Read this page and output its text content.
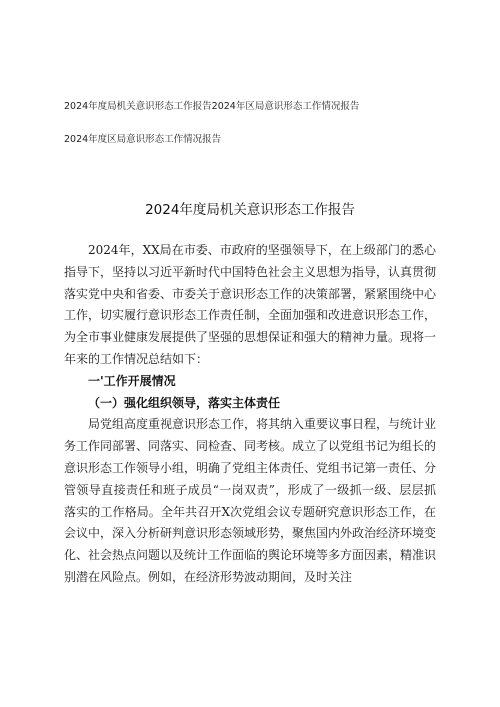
2024年度局机关意识形态工作报告2024年区局意识形态工作情况报告
2024年度区局意识形态工作情况报告
2024年度局机关意识形态工作报告

2024年，XX局在市委、市政府的坚强领导下，在上级部门的悉心指导下，坚持以习近平新时代中国特色社会主义思想为指导，认真贯彻落实党中央和省委、市委关于意识形态工作的决策部署，紧紧围绕中心工作，切实履行意识形态工作责任制，全面加强和改进意识形态工作，为全市事业健康发展提供了坚强的思想保证和强大的精神力量。现将一年来的工作情况总结如下：

一'工作开展情况

（一）强化组织领导，落实主体责任

局党组高度重视意识形态工作，将其纳入重要议事日程，与统计业务工作同部署、同落实、同检查、同考核。成立了以党组书记为组长的意识形态工作领导小组，明确了党组主体责任、党组书记第一责任、分管领导直接责任和班子成员“一岗双责”，形成了一级抓一级、层层抓落实的工作格局。全年共召开X次党组会议专题研究意识形态工作，在会议中，深入分析研判意识形态领域形势，聚焦国内外政治经济环境变化、社会热点问题以及统计工作面临的舆论环境等多方面因素，精准识别潜在风险点。例如，在经济形势波动期间，及时关注
